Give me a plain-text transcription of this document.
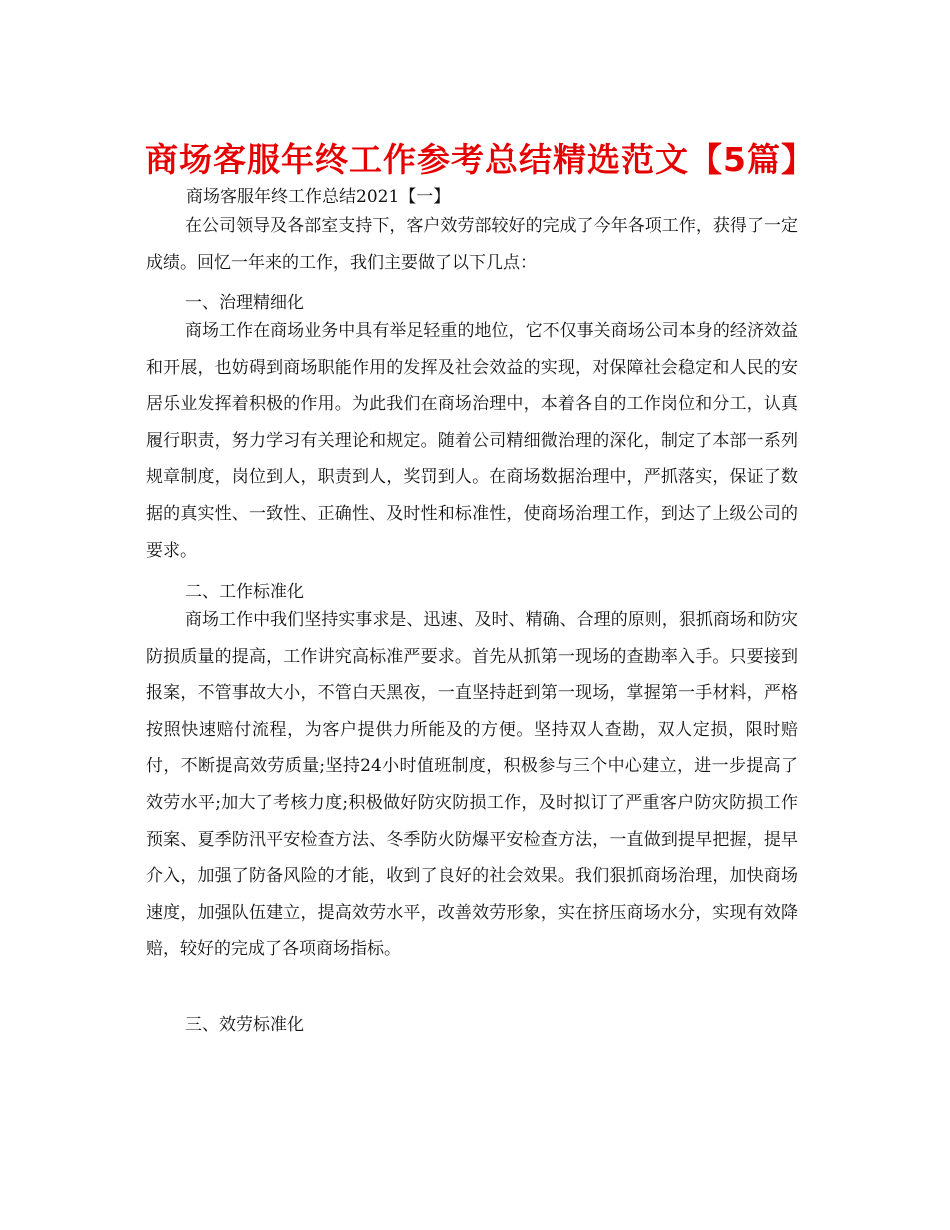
商场客服年终工作参考总结精选范文【5篇】
商场客服年终工作总结2021【一】

在公司领导及各部室支持下，客户效劳部较好的完成了今年各项工作，获得了一定成绩。回忆一年来的工作，我们主要做了以下几点：

一、治理精细化

商场工作在商场业务中具有举足轻重的地位，它不仅事关商场公司本身的经济效益和开展，也妨碍到商场职能作用的发挥及社会效益的实现，对保障社会稳定和人民的安居乐业发挥着积极的作用。为此我们在商场治理中，本着各自的工作岗位和分工，认真履行职责，努力学习有关理论和规定。随着公司精细微治理的深化，制定了本部一系列规章制度，岗位到人，职责到人，奖罚到人。在商场数据治理中，严抓落实，保证了数据的真实性、一致性、正确性、及时性和标准性，使商场治理工作，到达了上级公司的要求。

二、工作标准化

商场工作中我们坚持实事求是、迅速、及时、精确、合理的原则，狠抓商场和防灾防损质量的提高，工作讲究高标准严要求。首先从抓第一现场的查勘率入手。只要接到报案，不管事故大小，不管白天黑夜，一直坚持赶到第一现场，掌握第一手材料，严格按照快速赔付流程，为客户提供力所能及的方便。坚持双人查勘，双人定损，限时赔付，不断提高效劳质量;坚持24小时值班制度，积极参与三个中心建立，进一步提高了效劳水平;加大了考核力度;积极做好防灾防损工作，及时拟订了严重客户防灾防损工作预案、夏季防汛平安检查方法、冬季防火防爆平安检查方法，一直做到提早把握，提早介入，加强了防备风险的才能，收到了良好的社会效果。我们狠抓商场治理，加快商场速度，加强队伍建立，提高效劳水平，改善效劳形象，实在挤压商场水分，实现有效降赔，较好的完成了各项商场指标。

三、效劳标准化
